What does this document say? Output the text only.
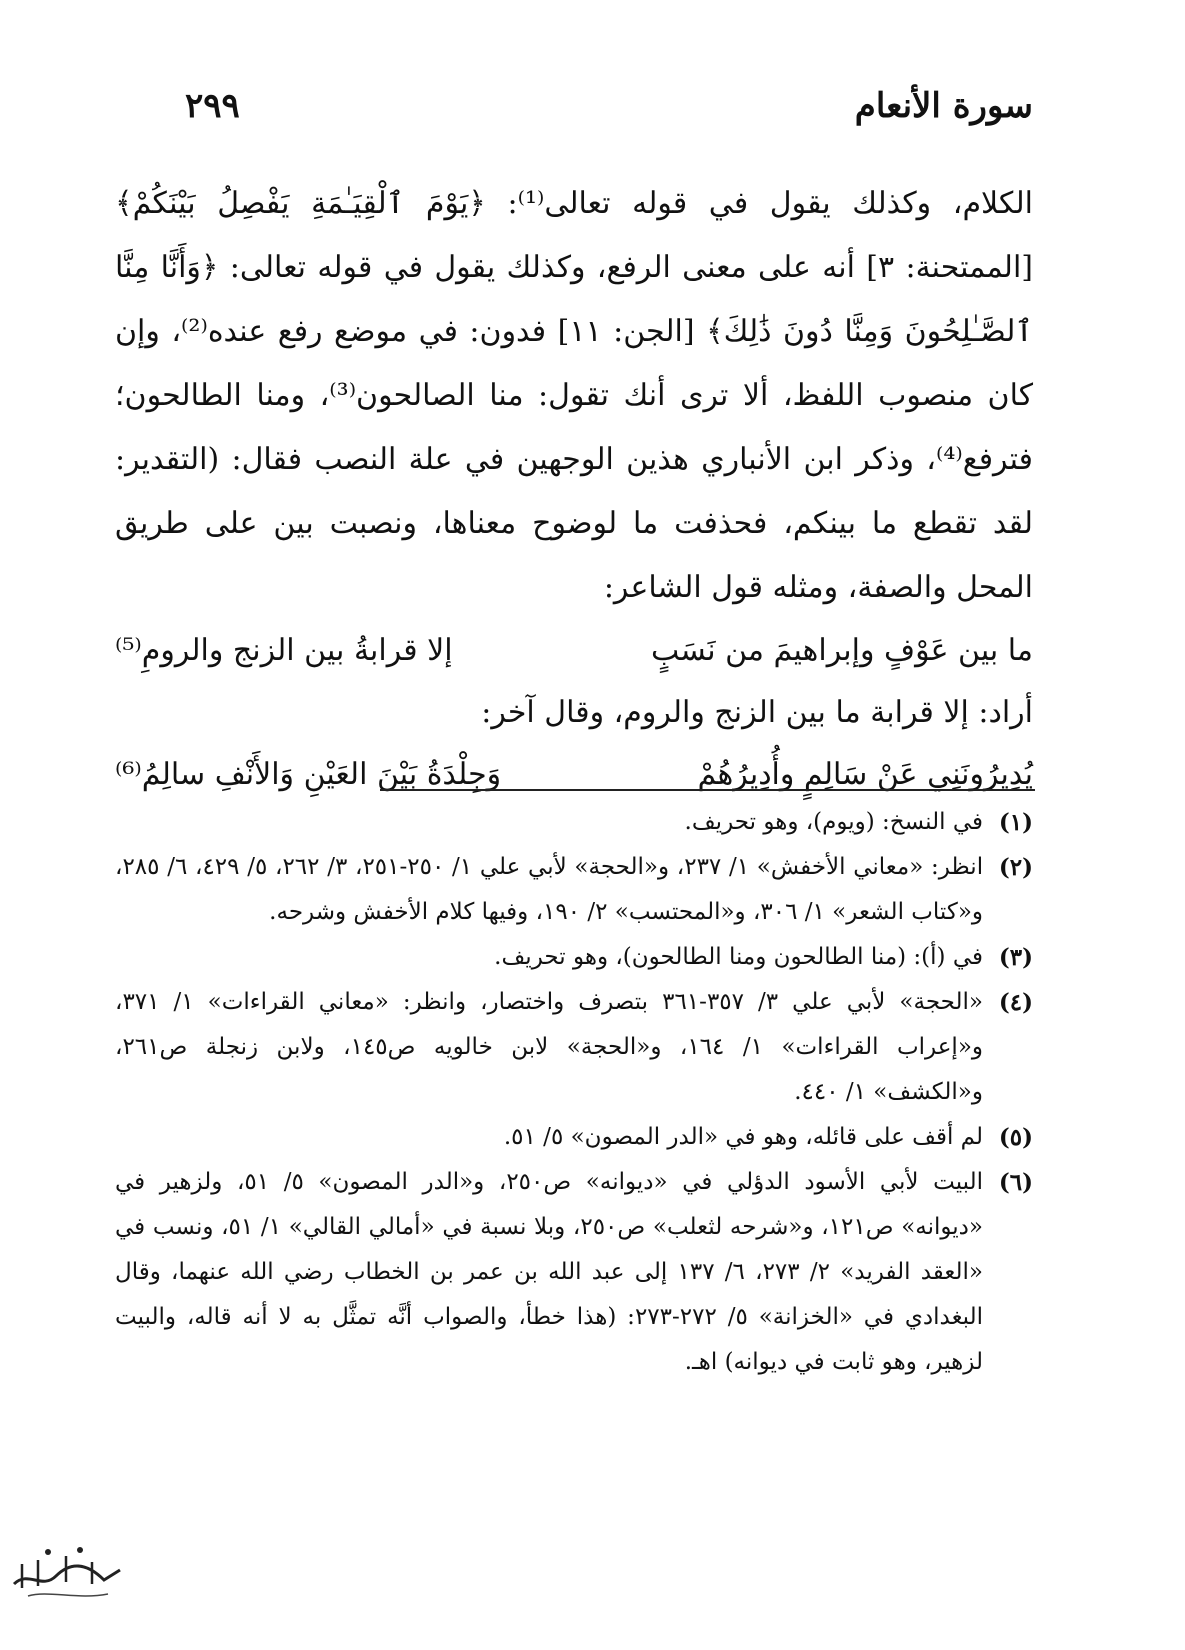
سورة الأنعام
٢٩٩

الكلام، وكذلك يقول في قوله تعالى⁽¹⁾: ﴿يَوْمَ ٱلْقِيَـٰمَةِ يَفْصِلُ بَيْنَكُمْ﴾ [الممتحنة: ٣] أنه على معنى الرفع، وكذلك يقول في قوله تعالى: ﴿وَأَنَّا مِنَّا ٱلصَّـٰلِحُونَ وَمِنَّا دُونَ ذَٰلِكَ﴾ [الجن: ١١] فدون: في موضع رفع عنده⁽²⁾، وإن كان منصوب اللفظ، ألا ترى أنك تقول: منا الصالحون⁽³⁾، ومنا الطالحون؛ فترفع⁽⁴⁾، وذكر ابن الأنباري هذين الوجهين في علة النصب فقال: (التقدير: لقد تقطع ما بينكم، فحذفت ما لوضوح معناها، ونصبت بين على طريق المحل والصفة، ومثله قول الشاعر:

ما بين عَوْفٍ وإبراهيمَ من نَسَبٍ
إلا قرابةُ بين الزنج والرومِ⁽⁵⁾

أراد: إلا قرابة ما بين الزنج والروم، وقال آخر:

يُدِيرُونَنِي عَنْ سَالِمٍ وأُدِيرُهُمْ
وَجِلْدَةُ بَيْنَ العَيْنِ وَالأَنْفِ سالِمُ⁽⁶⁾
(١)
في النسخ: (ويوم)، وهو تحريف.
(٢)
انظر: «معاني الأخفش» ١/ ٢٣٧، و«الحجة» لأبي علي ١/ ٢٥٠-٢٥١، ٣/ ٢٦٢، ٥/ ٤٢٩، ٦/ ٢٨٥، و«كتاب الشعر» ١/ ٣٠٦، و«المحتسب» ٢/ ١٩٠، وفيها كلام الأخفش وشرحه.
(٣)
في (أ): (منا الطالحون ومنا الطالحون)، وهو تحريف.
(٤)
«الحجة» لأبي علي ٣/ ٣٥٧-٣٦١ بتصرف واختصار، وانظر: «معاني القراءات» ١/ ٣٧١، و«إعراب القراءات» ١/ ١٦٤، و«الحجة» لابن خالويه ص١٤٥، ولابن زنجلة ص٢٦١، و«الكشف» ١/ ٤٤٠.
(٥)
لم أقف على قائله، وهو في «الدر المصون» ٥/ ٥١.
(٦)
البيت لأبي الأسود الدؤلي في «ديوانه» ص٢٥٠، و«الدر المصون» ٥/ ٥١، ولزهير في «ديوانه» ص١٢١، و«شرحه لثعلب» ص٢٥٠، وبلا نسبة في «أمالي القالي» ١/ ٥١، ونسب في «العقد الفريد» ٢/ ٢٧٣، ٦/ ١٣٧ إلى عبد الله بن عمر بن الخطاب رضي الله عنهما، وقال البغدادي في «الخزانة» ٥/ ٢٧٢-٢٧٣: (هذا خطأ، والصواب أنَّه تمثَّل به لا أنه قاله، والبيت لزهير، وهو ثابت في ديوانه) اهـ.
